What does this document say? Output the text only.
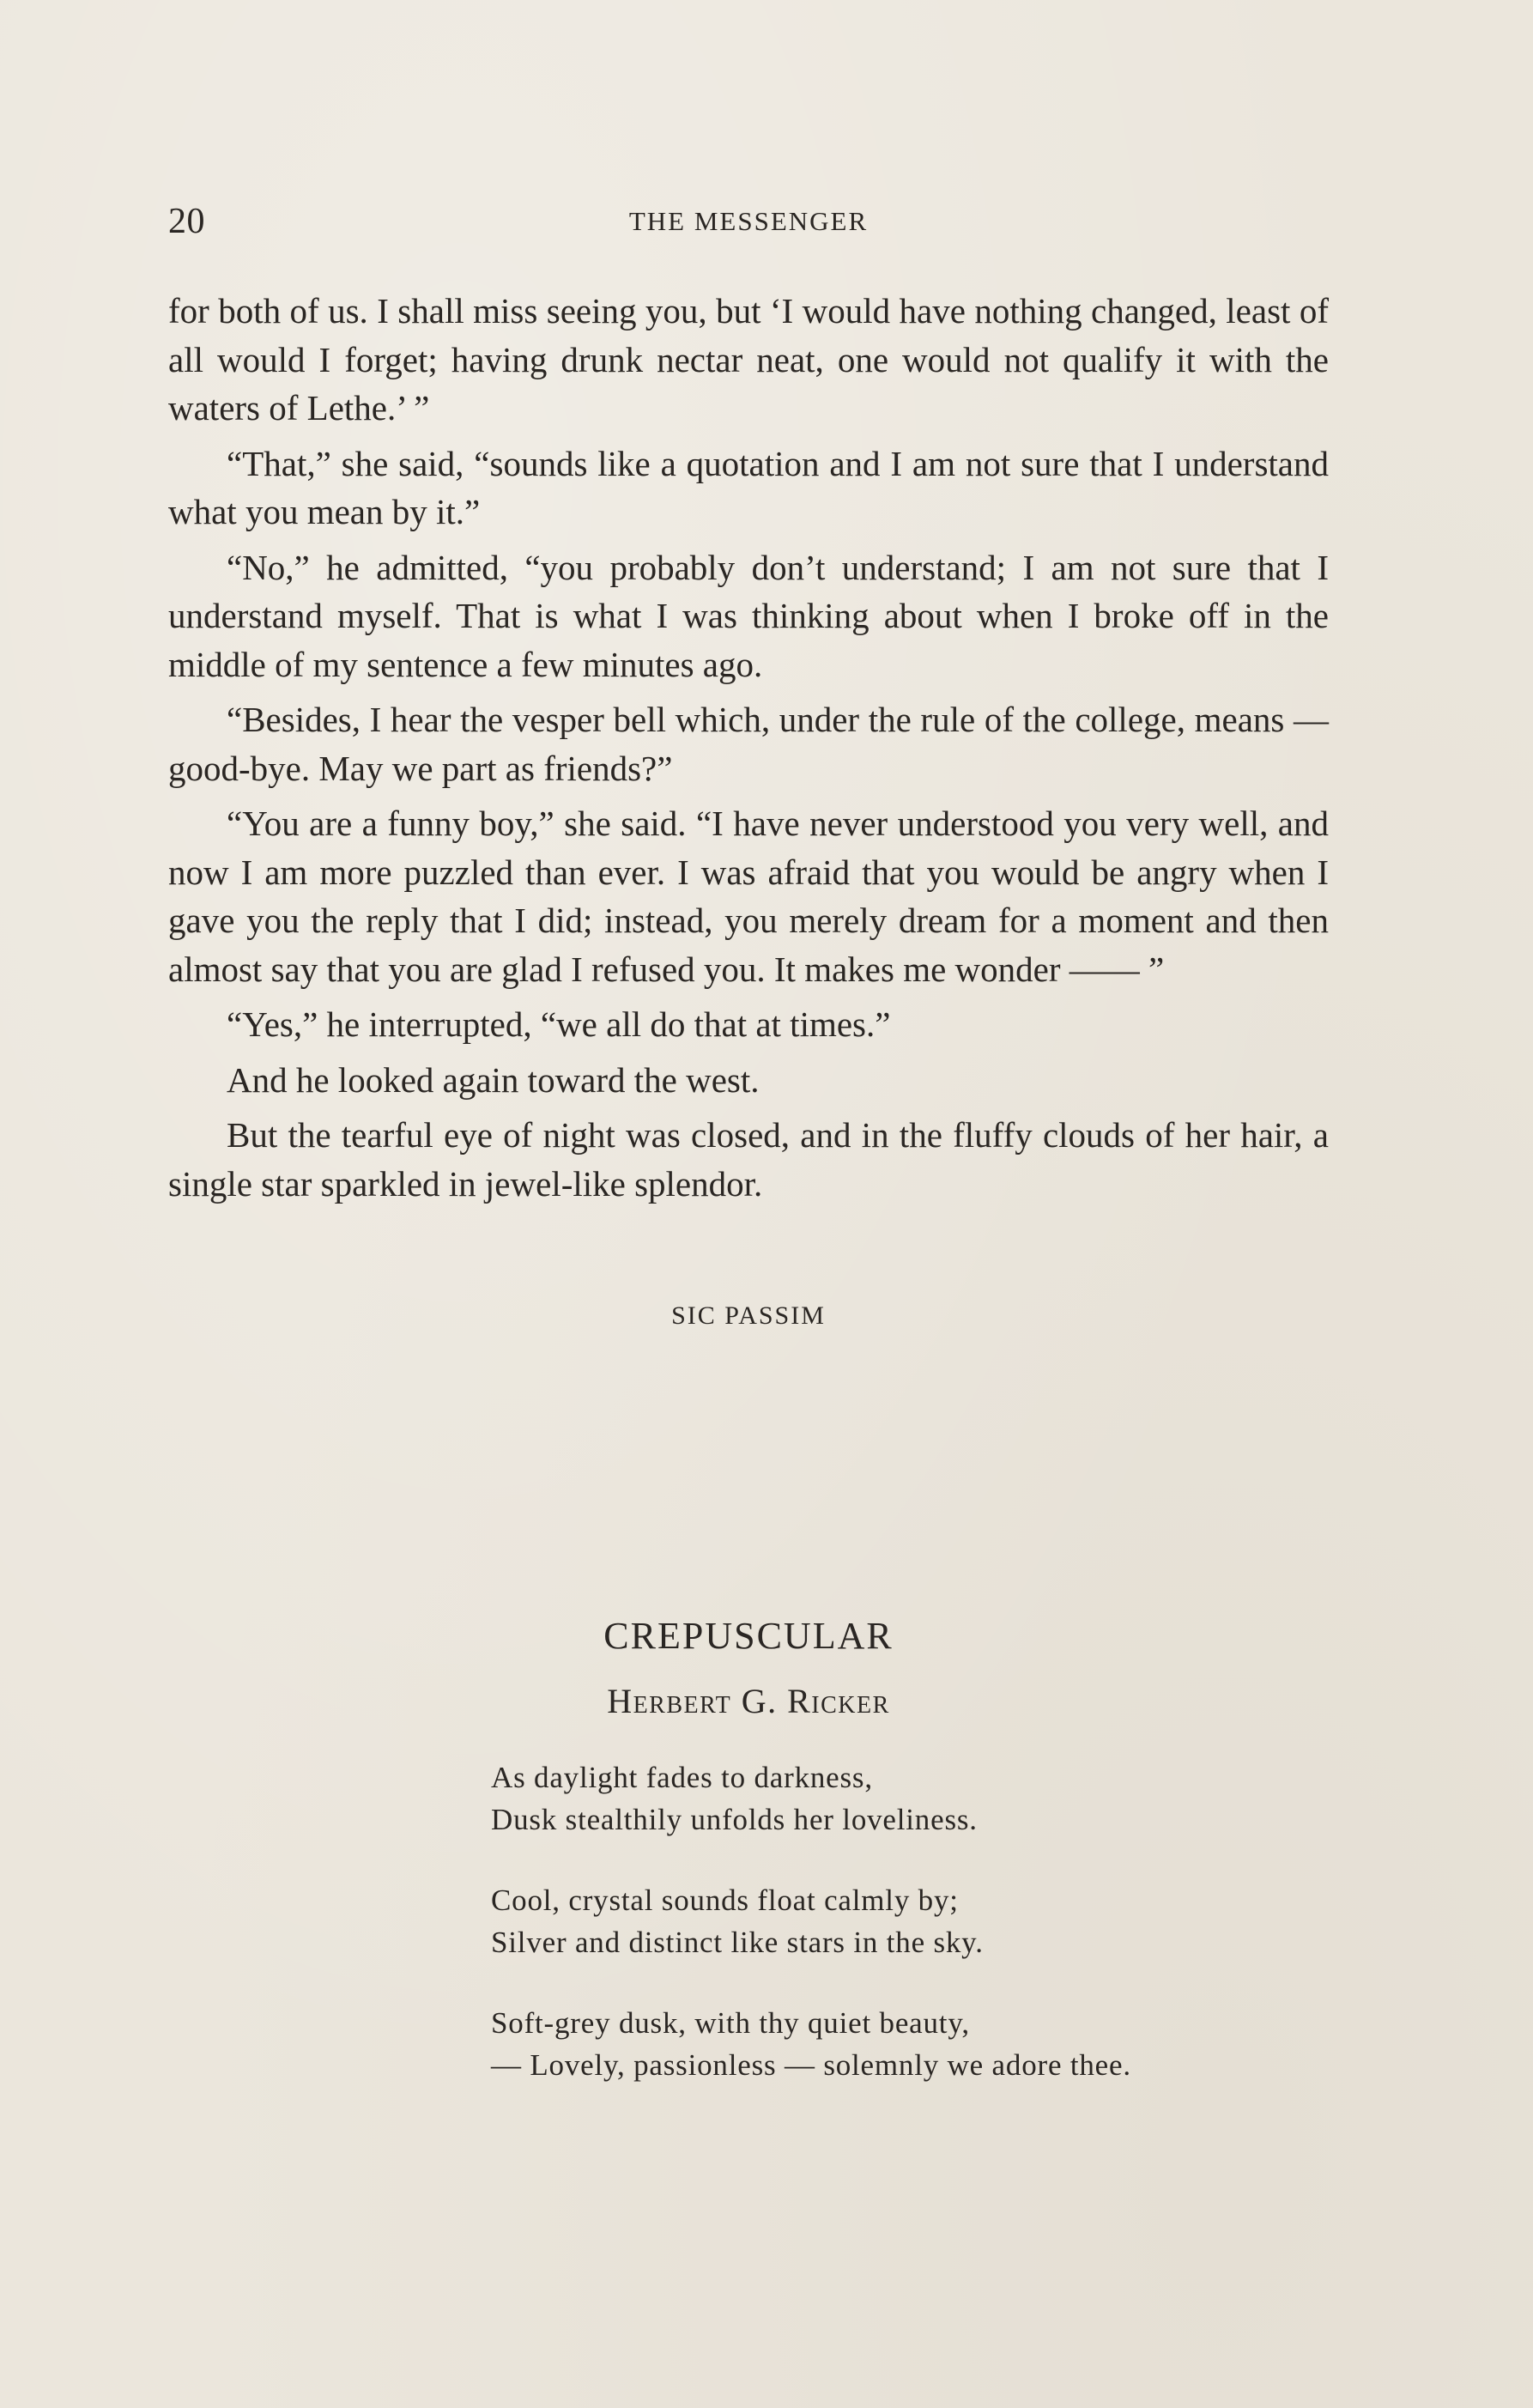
20	THE MESSENGER

for both of us. I shall miss seeing you, but ‘I would have nothing changed, least of all would I forget; having drunk nectar neat, one would not qualify it with the waters of Lethe.’ ”

“That,” she said, “sounds like a quotation and I am not sure that I understand what you mean by it.”

“No,” he admitted, “you probably don’t understand; I am not sure that I understand myself. That is what I was thinking about when I broke off in the middle of my sentence a few minutes ago.

“Besides, I hear the vesper bell which, under the rule of the college, means — good-bye. May we part as friends?”

“You are a funny boy,” she said. “I have never understood you very well, and now I am more puzzled than ever. I was afraid that you would be angry when I gave you the reply that I did; instead, you merely dream for a moment and then almost say that you are glad I refused you. It makes me wonder —— ”

“Yes,” he interrupted, “we all do that at times.”

And he looked again toward the west.

But the tearful eye of night was closed, and in the fluffy clouds of her hair, a single star sparkled in jewel-like splendor.

SIC PASSIM
CREPUSCULAR
Herbert G. Ricker
As daylight fades to darkness,
Dusk stealthily unfolds her loveliness.
Cool, crystal sounds float calmly by;
Silver and distinct like stars in the sky.
Soft-grey dusk, with thy quiet beauty,
— Lovely, passionless — solemnly we adore thee.
